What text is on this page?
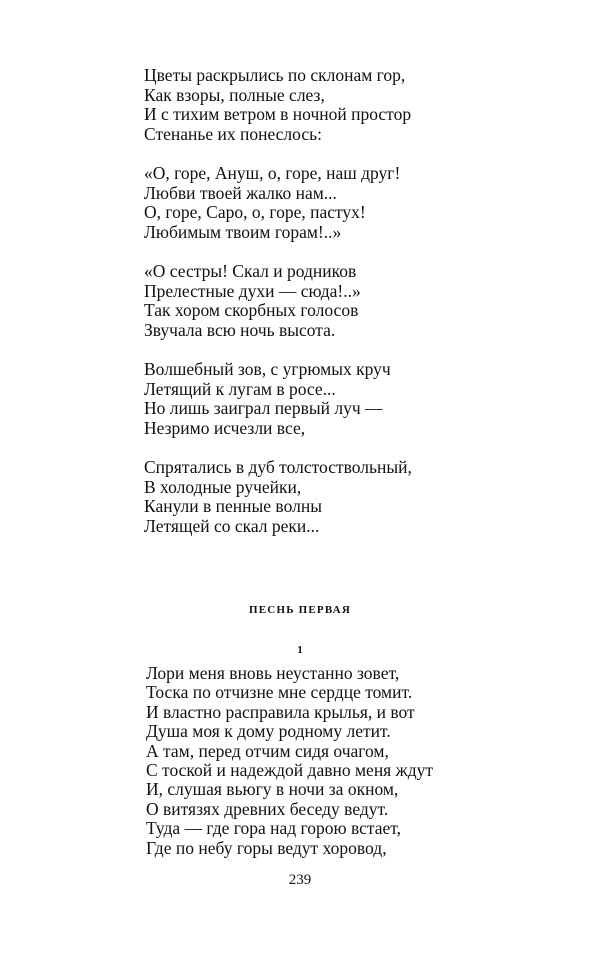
Цветы раскрылись по склонам гор,
Как взоры, полные слез,
И с тихим ветром в ночной простор
Стенанье их понеслось:
«О, горе, Ануш, о, горе, наш друг!
Любви твоей жалко нам...
О, горе, Саро, о, горе, пастух!
Любимым твоим горам!..»
«О сестры! Скал и родников
Прелестные духи — сюда!..»
Так хором скорбных голосов
Звучала всю ночь высота.
Волшебный зов, с угрюмых круч
Летящий к лугам в росе...
Но лишь заиграл первый луч —
Незримо исчезли все,
Спрятались в дуб толстоствольный,
В холодные ручейки,
Канули в пенные волны
Летящей со скал реки...
ПЕСНЬ ПЕРВАЯ
1
Лори меня вновь неустанно зовет,
Тоска по отчизне мне сердце томит.
И властно расправила крылья, и вот
Душа моя к дому родному летит.
А там, перед отчим сидя очагом,
С тоской и надеждой давно меня ждут
И, слушая вьюгу в ночи за окном,
О витязях древних беседу ведут.
Туда — где гора над горою встает,
Где по небу горы ведут хоровод,
239
